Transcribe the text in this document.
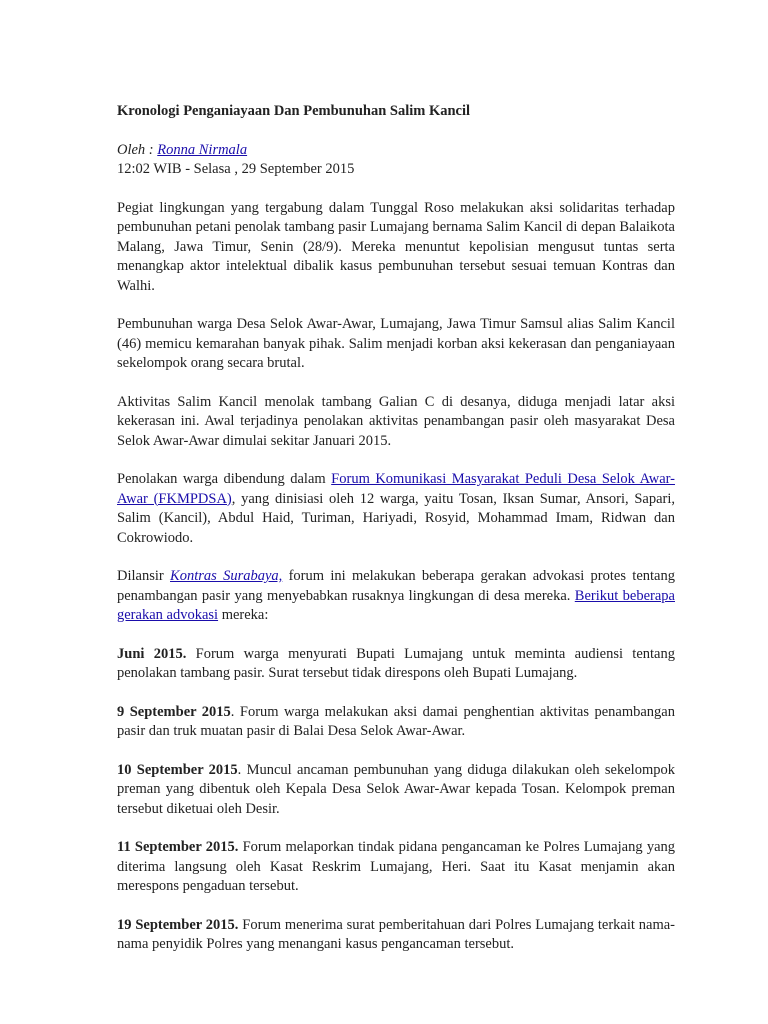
Kronologi Penganiayaan Dan Pembunuhan Salim Kancil
Oleh : Ronna Nirmala
12:02 WIB - Selasa , 29 September 2015
Pegiat lingkungan yang tergabung dalam Tunggal Roso melakukan aksi solidaritas terhadap pembunuhan petani penolak tambang pasir Lumajang bernama Salim Kancil di depan Balaikota Malang, Jawa Timur, Senin (28/9). Mereka menuntut kepolisian mengusut tuntas serta menangkap aktor intelektual dibalik kasus pembunuhan tersebut sesuai temuan Kontras dan Walhi.
Pembunuhan warga Desa Selok Awar-Awar, Lumajang, Jawa Timur Samsul alias Salim Kancil (46) memicu kemarahan banyak pihak. Salim menjadi korban aksi kekerasan dan penganiayaan sekelompok orang secara brutal.
Aktivitas Salim Kancil menolak tambang Galian C di desanya, diduga menjadi latar aksi kekerasan ini. Awal terjadinya penolakan aktivitas penambangan pasir oleh masyarakat Desa Selok Awar-Awar dimulai sekitar Januari 2015.
Penolakan warga dibendung dalam Forum Komunikasi Masyarakat Peduli Desa Selok Awar-Awar (FKMPDSA), yang dinisiasi oleh 12 warga, yaitu Tosan, Iksan Sumar, Ansori, Sapari, Salim (Kancil), Abdul Haid, Turiman, Hariyadi, Rosyid, Mohammad Imam, Ridwan dan Cokrowiodo.
Dilansir Kontras Surabaya, forum ini melakukan beberapa gerakan advokasi protes tentang penambangan pasir yang menyebabkan rusaknya lingkungan di desa mereka. Berikut beberapa gerakan advokasi mereka:
Juni 2015. Forum warga menyurati Bupati Lumajang untuk meminta audiensi tentang penolakan tambang pasir. Surat tersebut tidak direspons oleh Bupati Lumajang.
9 September 2015. Forum warga melakukan aksi damai penghentian aktivitas penambangan pasir dan truk muatan pasir di Balai Desa Selok Awar-Awar.
10 September 2015. Muncul ancaman pembunuhan yang diduga dilakukan oleh sekelompok preman yang dibentuk oleh Kepala Desa Selok Awar-Awar kepada Tosan. Kelompok preman tersebut diketuai oleh Desir.
11 September 2015. Forum melaporkan tindak pidana pengancaman ke Polres Lumajang yang diterima langsung oleh Kasat Reskrim Lumajang, Heri. Saat itu Kasat menjamin akan merespons pengaduan tersebut.
19 September 2015. Forum menerima surat pemberitahuan dari Polres Lumajang terkait nama-nama penyidik Polres yang menangani kasus pengancaman tersebut.
